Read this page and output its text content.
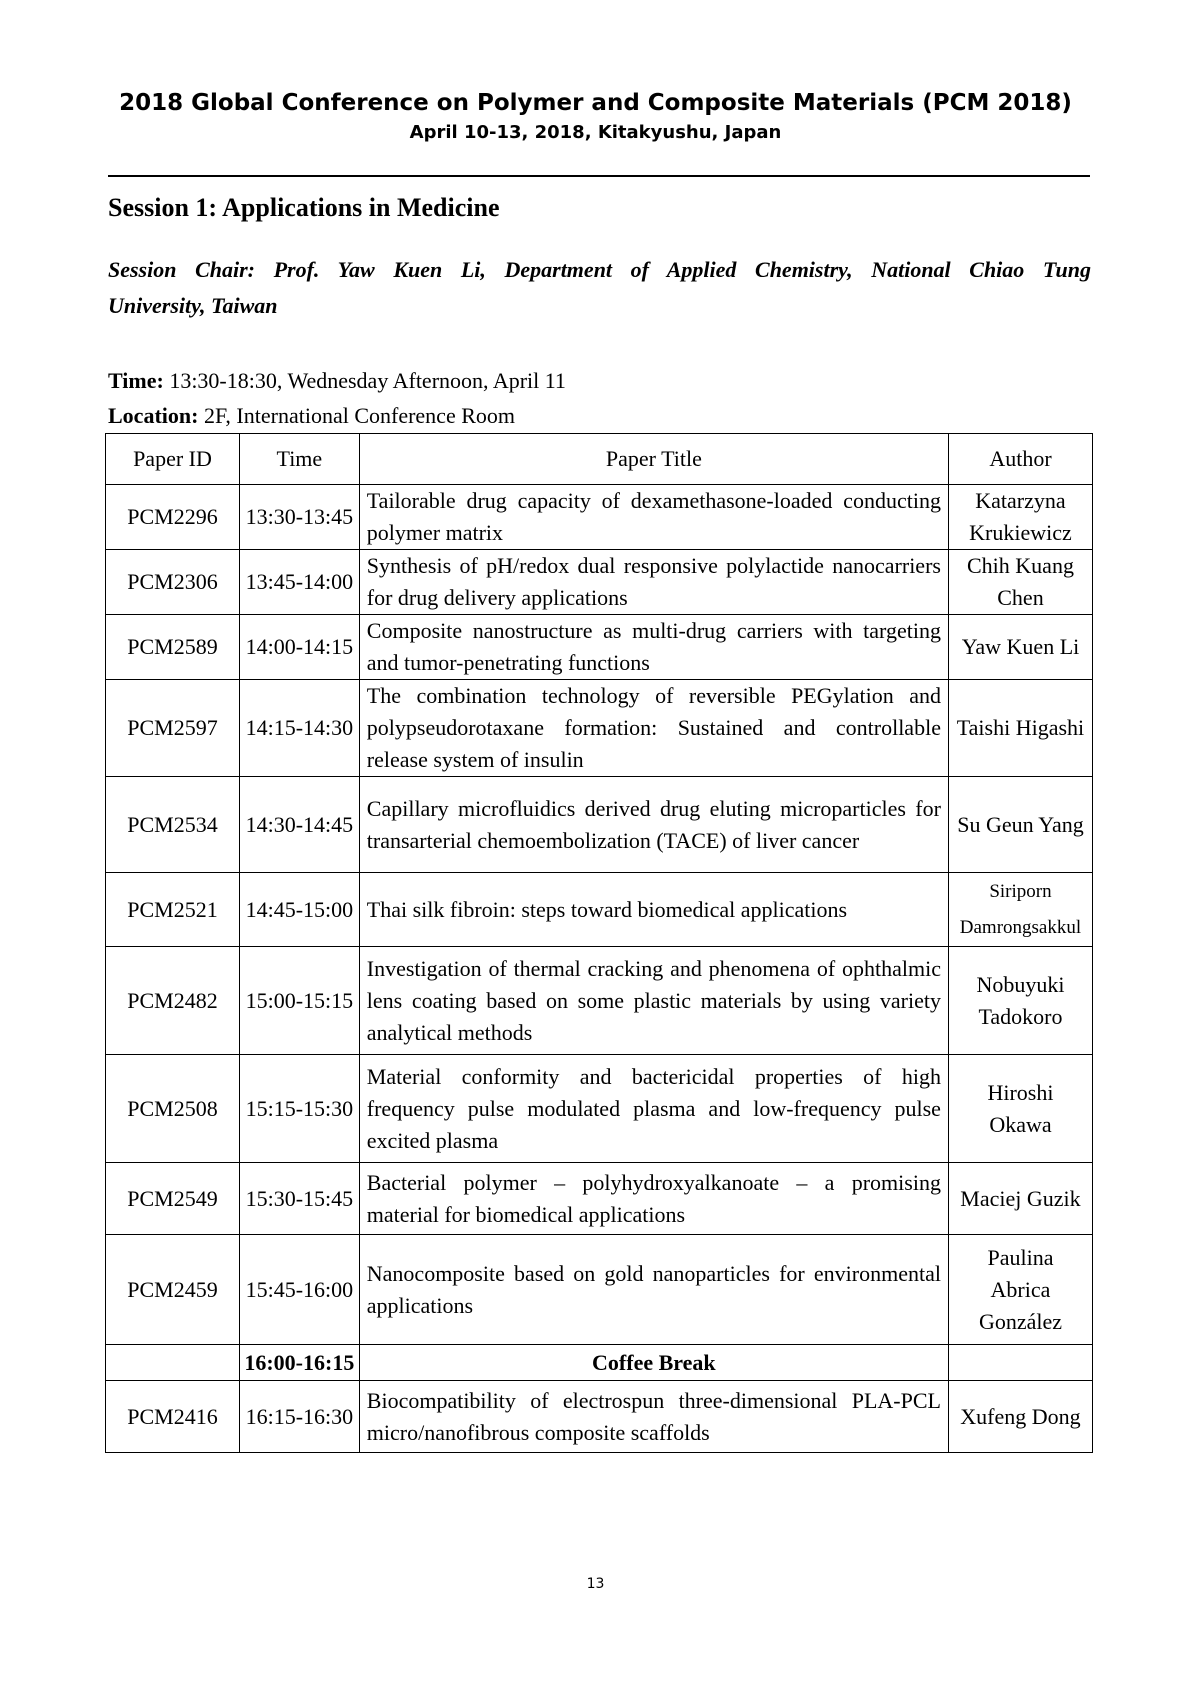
2018 Global Conference on Polymer and Composite Materials (PCM 2018)
April 10-13, 2018, Kitakyushu, Japan
Session 1: Applications in Medicine
Session Chair: Prof. Yaw Kuen Li, Department of Applied Chemistry, National Chiao Tung
University, Taiwan
Time: 13:30-18:30, Wednesday Afternoon, April 11
Location: 2F, International Conference Room
Paper ID	Time	Paper Title	Author
PCM2296	13:30-13:45	Tailorable drug capacity of dexamethasone-loaded conducting polymer matrix	Katarzyna Krukiewicz
PCM2306	13:45-14:00	Synthesis of pH/redox dual responsive polylactide nanocarriers for drug delivery applications	Chih Kuang Chen
PCM2589	14:00-14:15	Composite nanostructure as multi-drug carriers with targeting and tumor-penetrating functions	Yaw Kuen Li
PCM2597	14:15-14:30	The combination technology of reversible PEGylation and polypseudorotaxane formation: Sustained and controllable release system of insulin	Taishi Higashi
PCM2534	14:30-14:45	Capillary microfluidics derived drug eluting microparticles for transarterial chemoembolization (TACE) of liver cancer	Su Geun Yang
PCM2521	14:45-15:00	Thai silk fibroin: steps toward biomedical applications	Siriporn Damrongsakkul
PCM2482	15:00-15:15	Investigation of thermal cracking and phenomena of ophthalmic lens coating based on some plastic materials by using variety analytical methods	Nobuyuki Tadokoro
PCM2508	15:15-15:30	Material conformity and bactericidal properties of high frequency pulse modulated plasma and low-frequency pulse excited plasma	Hiroshi Okawa
PCM2549	15:30-15:45	Bacterial polymer – polyhydroxyalkanoate – a promising material for biomedical applications	Maciej Guzik
PCM2459	15:45-16:00	Nanocomposite based on gold nanoparticles for environmental applications	Paulina Abrica González
	16:00-16:15	Coffee Break	
PCM2416	16:15-16:30	Biocompatibility of electrospun three-dimensional PLA-PCL micro/nanofibrous composite scaffolds	Xufeng Dong
13
